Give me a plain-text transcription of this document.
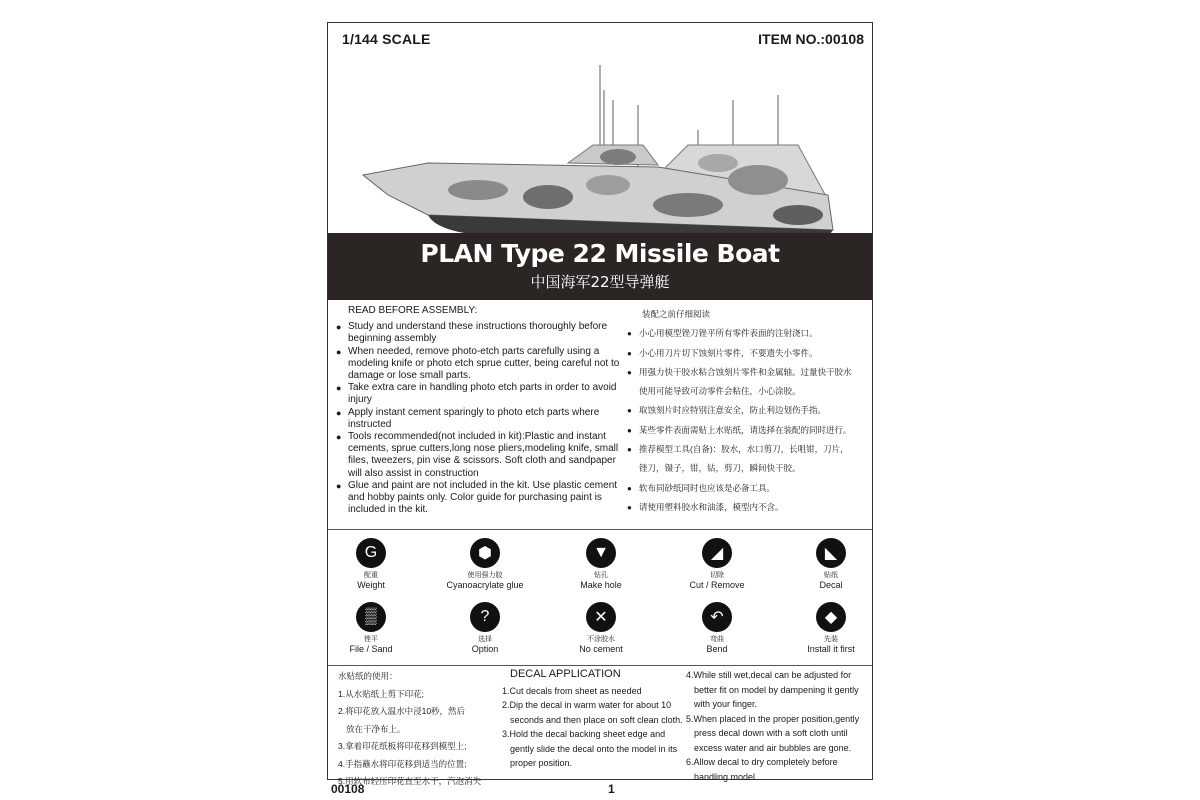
1/144 SCALE	ITEM NO.:00108
PLAN Type 22 Missile Boat
中国海军22型导弹艇
READ BEFORE ASSEMBLY:
● Study and understand these instructions thoroughly before beginning assembly
● When needed, remove photo-etch parts carefully using a modeling knife or photo etch sprue cutter, being careful not to damage or lose small parts.
● Take extra care in handling photo etch parts in order to avoid injury
● Apply instant cement sparingly to photo etch parts where instructed
● Tools recommended(not included in kit):Plastic and instant cements, sprue cutters,long nose pliers,modeling knife, small files, tweezers, pin vise & scissors. Soft cloth and sandpaper will also assist in construction
● Glue and paint are not included in the kit. Use plastic cement and hobby paints only. Color guide for purchasing paint is included in the kit.
装配之前仔细阅读
● 小心用模型锉刀锉平所有零件表面的注射浇口。
● 小心用刀片切下蚀刻片零件，不要遗失小零件。
● 用强力快干胶水粘合蚀刻片零件和金属轴。过量快干胶水
使用可能导致可动零件会粘住，小心涂胶。
● 取蚀刻片时应特别注意安全，防止利边划伤手指。
● 某些零件表面需贴上水贴纸，请选择在装配的同时进行。
● 推荐模型工具(自备)：胶水，水口剪刀，长咀钳，刀片，
锉刀，镊子，钳，钻，剪刀，瞬间快干胶。
● 软布同砂纸同时也应该是必备工具。
● 请使用塑料胶水和油漆，模型内不含。
G
配重
Weight
⬢
使用强力胶
Cyanoacrylate glue
▼
钻孔
Make hole
◢
切除
Cut / Remove
◣
贴纸
Decal
▒
锉平
File / Sand
?
选择
Option
✕
不涂胶水
No cement
↶
弯曲
Bend
◆
先装
Install it first
水贴纸的使用：
1.从水贴纸上剪下印花;
2.将印花放入温水中浸10秒，然后
放在干净布上。
3.拿着印花纸板将印花移到模型上;
4.手指蘸水将印花移到适当的位置;
5.用软布轻压印花直至水干，汽泡消失
DECAL APPLICATION
1.Cut decals from sheet as needed
2.Dip the decal in warm water for about 10
seconds and then place on soft clean cloth.
3.Hold the decal backing sheet edge and
gently slide the decal onto the model in its
proper position.
4.While still wet,decal can be adjusted for
better fit on model by dampening it gently
with your finger.
5.When placed in the proper position,gently
press decal down with a soft cloth until
excess water and air bubbles are gone.
6.Allow decal to dry completely before
handling model
00108	1
